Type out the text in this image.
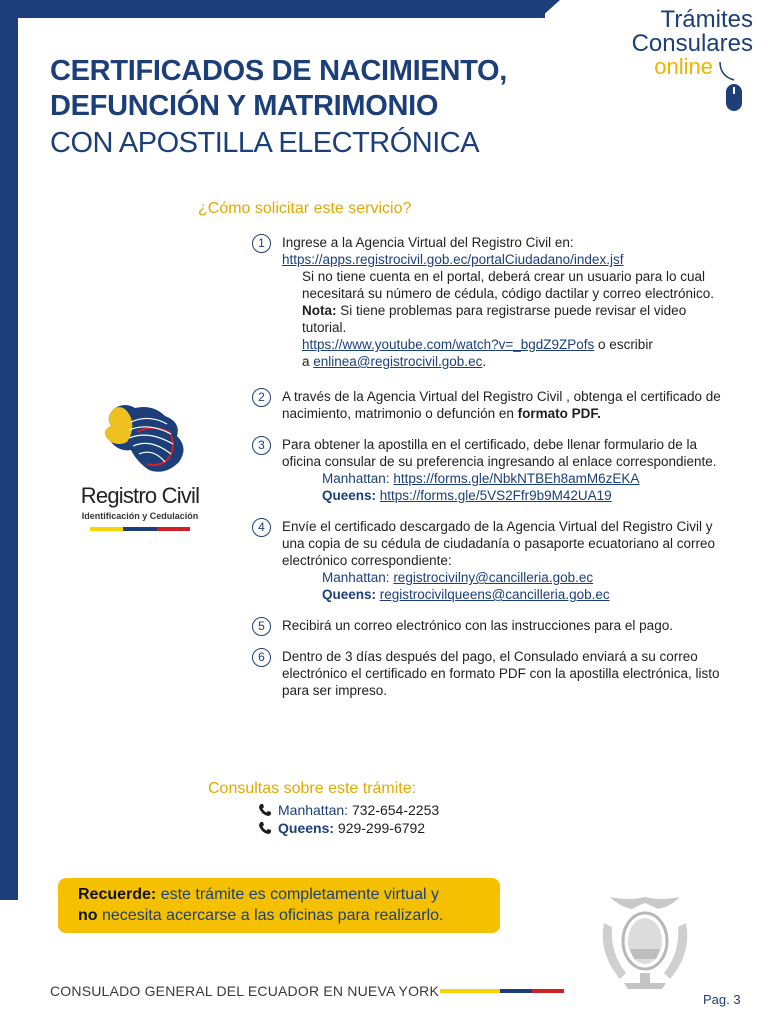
Trámites
Consulares
online
CERTIFICADOS DE NACIMIENTO,
DEFUNCIÓN Y MATRIMONIO
CON APOSTILLA ELECTRÓNICA
¿Cómo solicitar este servicio?
Registro Civil
Identificación y Cedulación
1	Ingrese a la Agencia Virtual del Registro Civil en:
https://apps.registrocivil.gob.ec/portalCiudadano/index.jsf
Si no tiene cuenta en el portal, deberá crear un usuario para lo cual necesitará su número de cédula, código dactilar y correo electrónico. Nota: Si tiene problemas para registrarse puede revisar el video tutorial.
https://www.youtube.com/watch?v=_bgdZ9ZPofs o escribir
a enlinea@registrocivil.gob.ec.
2	A través de la Agencia Virtual del Registro Civil , obtenga el certificado de nacimiento, matrimonio o defunción en formato PDF.
3	Para obtener la apostilla en el certificado, debe llenar formulario de la oficina consular de su preferencia ingresando al enlace correspondiente.
Manhattan: https://forms.gle/NbkNTBEh8amM6zEKA
Queens: https://forms.gle/5VS2Ffr9b9M42UA19
4	Envíe el certificado descargado de la Agencia Virtual del Registro Civil y una copia de su cédula de ciudadanía o pasaporte ecuatoriano al correo electrónico correspondiente:
Manhattan: registrocivilny@cancilleria.gob.ec
Queens: registrocivilqueens@cancilleria.gob.ec
5	Recibirá un correo electrónico con las instrucciones para el pago.
6	Dentro de 3 días después del pago, el Consulado enviará a su correo electrónico el certificado en formato PDF con la apostilla electrónica, listo para ser impreso.
Consultas sobre este trámite:
Manhattan:
732-654-2253
Queens:
929-299-6792
Recuerde: este trámite es completamente virtual y
no necesita acercarse a las oficinas para realizarlo.
CONSULADO GENERAL DEL ECUADOR EN NUEVA YORK
Pag. 3
